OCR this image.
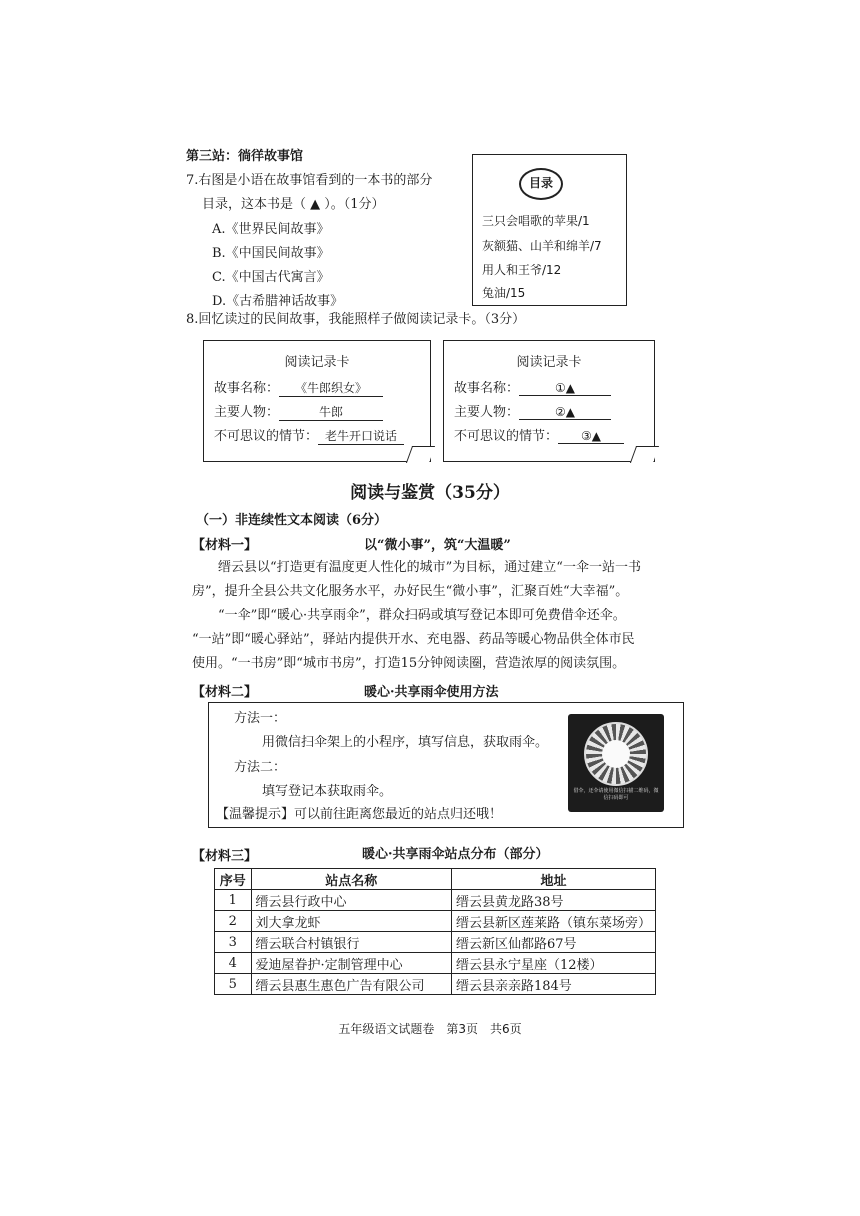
第三站：徜徉故事馆
7.右图是小语在故事馆看到的一本书的部分
目录，这本书是（ ▲ ）。（1分）
A.《世界民间故事》
B.《中国民间故事》
C.《中国古代寓言》
D.《古希腊神话故事》
目录
三只会唱歌的苹果/1
灰额猫、山羊和绵羊/7
用人和王爷/12
兔油/15
8.回忆读过的民间故事，我能照样子做阅读记录卡。（3分）
阅读记录卡
故事名称： 《牛郎织女》
主要人物：	牛郎
不可思议的情节： 老牛开口说话
阅读记录卡
故事名称：	①▲
主要人物：	②▲
不可思议的情节： ③▲
阅读与鉴赏（35分）
（一）非连续性文本阅读（6分）
【材料一】	以“微小事”，筑“大温暖”
缙云县以“打造更有温度更人性化的城市”为目标，通过建立“一伞一站一书
房”，提升全县公共文化服务水平，办好民生“微小事”，汇聚百姓“大幸福”。
“一伞”即“暖心·共享雨伞”，群众扫码或填写登记本即可免费借伞还伞。
“一站”即“暖心驿站”，驿站内提供开水、充电器、药品等暖心物品供全体市民
使用。“一书房”即“城市书房”，打造15分钟阅读圈，营造浓厚的阅读氛围。
【材料二】	暖心·共享雨伞使用方法
方法一：
用微信扫伞架上的小程序，填写信息，获取雨伞。
方法二：
填写登记本获取雨伞。
【温馨提示】可以前往距离您最近的站点归还哦！
借伞，还伞请使用微信扫描二维码，微信扫码即可
【材料三】	暖心·共享雨伞站点分布（部分）
序号	站点名称	地址
1	缙云县行政中心	缙云县黄龙路38号
2	刘大拿龙虾	缙云县新区莲莱路（镇东菜场旁）
3	缙云联合村镇银行	缙云新区仙都路67号
4	爱迪屋眷护·定制管理中心	缙云县永宁星座（12楼）
5	缙云县惠生惠色广告有限公司	缙云县亲亲路184号
五年级语文试题卷　第3页　共6页
